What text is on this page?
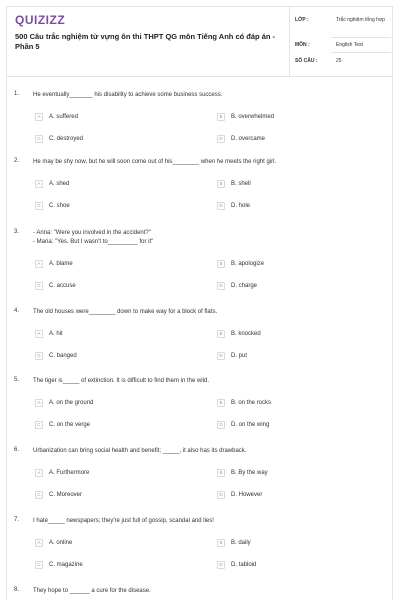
QUIZIZZ
500 Câu trắc nghiệm từ vựng ôn thi THPT QG môn Tiếng Anh có đáp án - Phần 5
LỚP :	Trắc nghiệm tổng hợp
MÔN :	English Test
SỐ CÂU :	25
1. He eventually_______ his disability to achieve some business success.
A	A. suffered	B	B. overwhelmed
C	C. destroyed	D	D. overcame
2. He may be shy now, but he will soon come out of his________ when he meets the right girl.
A	A. shed	B	B. shell
C	C. shoe	D	D. hole
3. - Anna: "Were you involved in the accident?"
- Maria: "Yes. But I wasn't to_________ for it"
A	A. blame	B	B. apologize
C	C. accuse	D	D. charge
4. The old houses were________ down to make way for a block of flats.
A	A. hit	B	B. knocked
C	C. banged	D	D. put
5. The tiger is_____ of extinction. It is difficult to find them in the wild.
A	A. on the ground	B	B. on the rocks
C	C. on the verge	D	D. on the wing
6. Urbanization can bring social health and benefit; _____, it also has its drawback.
A	A. Furthermore	B	B. By the way
C	C. Moreover	D	D. However
7. I hate_____ newspapers; they're just full of gossip, scandal and lies!
A	A. online	B	B. daily
C	C. magazine	D	D. tabloid
8. They hope to ______ a cure for the disease.
